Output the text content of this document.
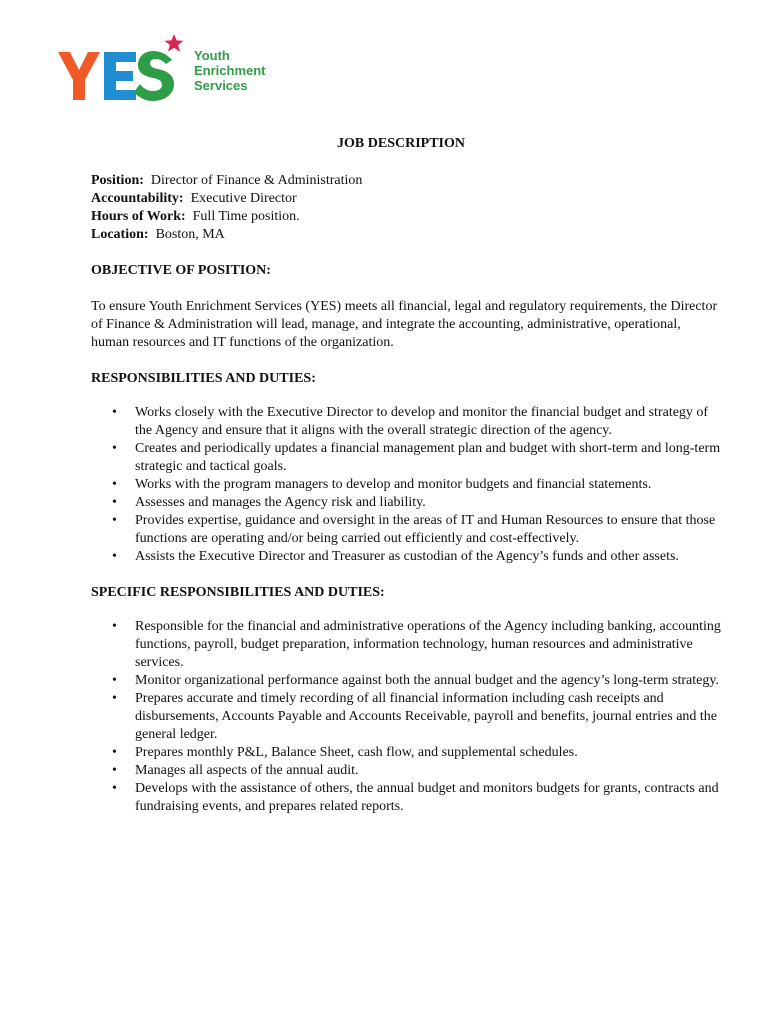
Youth
Enrichment
Services
JOB DESCRIPTION
Position: Director of Finance & Administration
Accountability: Executive Director
Hours of Work: Full Time position.
Location: Boston, MA
OBJECTIVE OF POSITION:

To ensure Youth Enrichment Services (YES) meets all financial, legal and regulatory requirements, the Director of Finance & Administration will lead, manage, and integrate the accounting, administrative, operational, human resources and IT functions of the organization.

RESPONSIBILITIES AND DUTIES:
• Works closely with the Executive Director to develop and monitor the financial budget and strategy of the Agency and ensure that it aligns with the overall strategic direction of the agency.
• Creates and periodically updates a financial management plan and budget with short-term and long-term strategic and tactical goals.
• Works with the program managers to develop and monitor budgets and financial statements.
• Assesses and manages the Agency risk and liability.
• Provides expertise, guidance and oversight in the areas of IT and Human Resources to ensure that those functions are operating and/or being carried out efficiently and cost-effectively.
• Assists the Executive Director and Treasurer as custodian of the Agency’s funds and other assets.
SPECIFIC RESPONSIBILITIES AND DUTIES:
• Responsible for the financial and administrative operations of the Agency including banking, accounting functions, payroll, budget preparation, information technology, human resources and administrative services.
• Monitor organizational performance against both the annual budget and the agency’s long-term strategy.
• Prepares accurate and timely recording of all financial information including cash receipts and disbursements, Accounts Payable and Accounts Receivable, payroll and benefits, journal entries and the general ledger.
• Prepares monthly P&L, Balance Sheet, cash flow, and supplemental schedules.
• Manages all aspects of the annual audit.
• Develops with the assistance of others, the annual budget and monitors budgets for grants, contracts and fundraising events, and prepares related reports.
